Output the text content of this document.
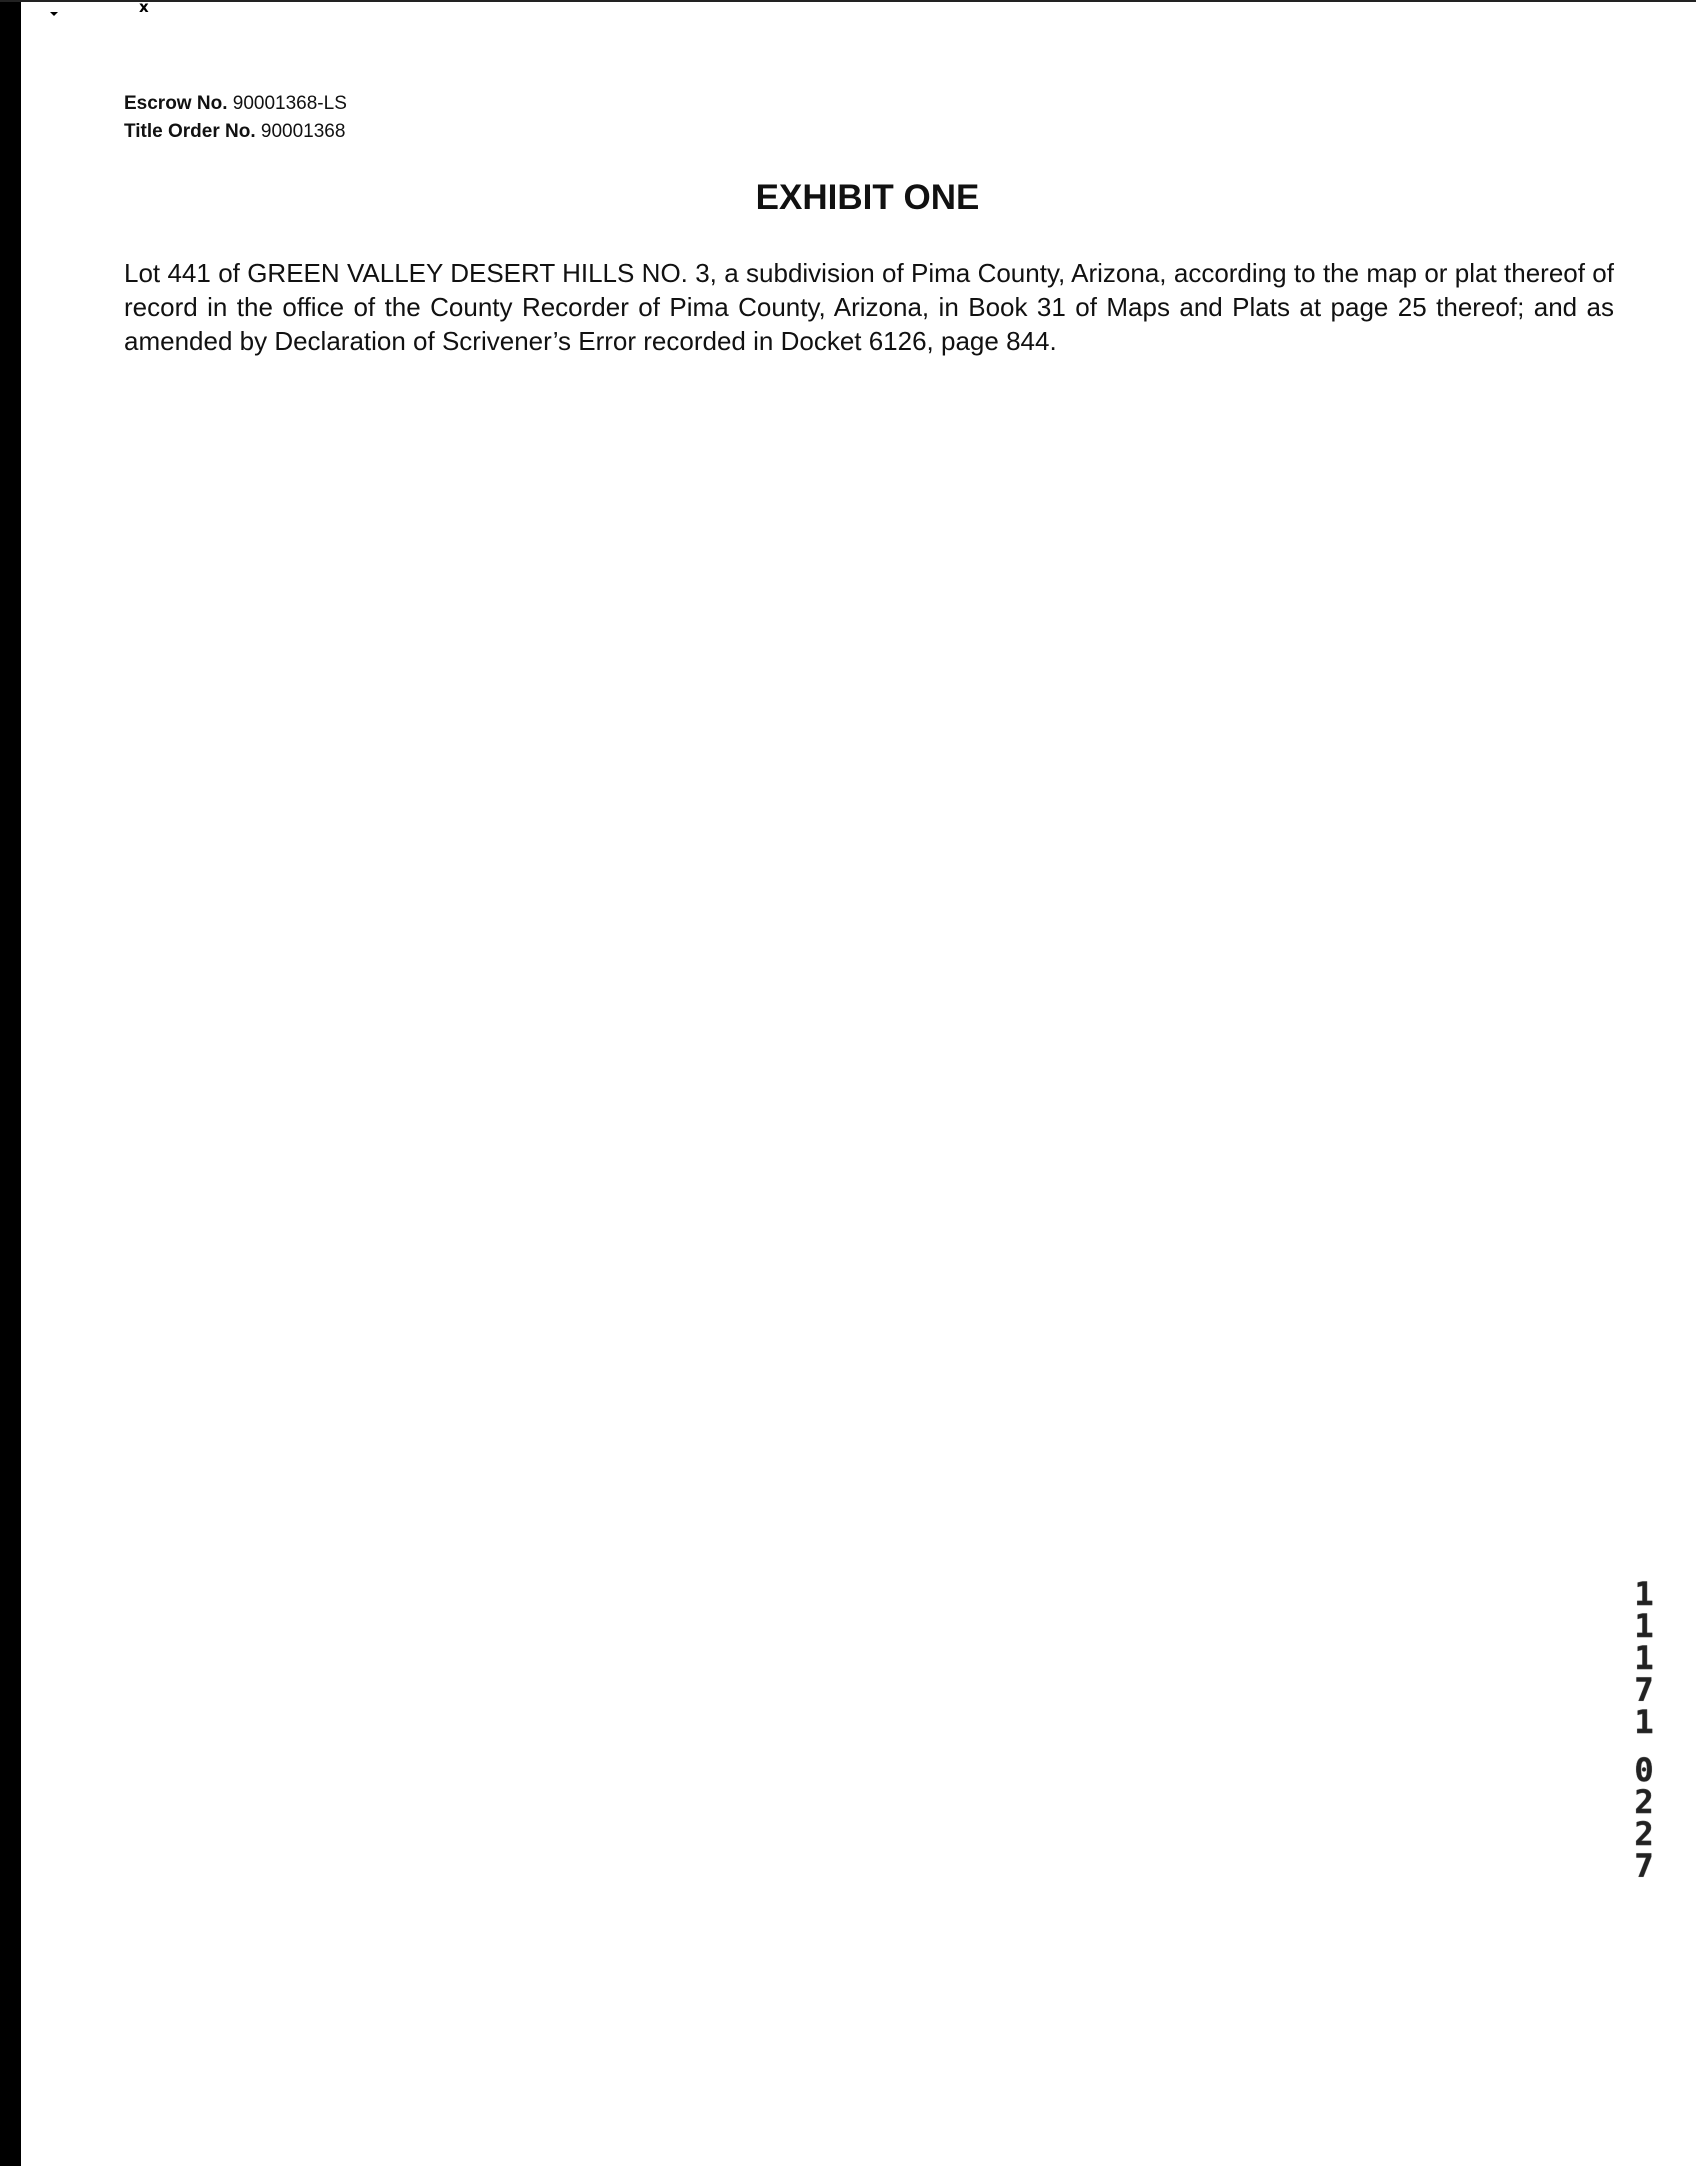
x
Escrow No. 90001368-LS
Title Order No. 90001368
EXHIBIT ONE

Lot 441 of GREEN VALLEY DESERT HILLS NO. 3, a subdivision of Pima County, Arizona, according to the map or plat thereof of record in the office of the County Recorder of Pima County, Arizona, in Book 31 of Maps and Plats at page 25 thereof; and as amended by Declaration of Scrivener’s Error recorded in Docket 6126, page 844.

1
1
1
7
1
0
2
2
7
